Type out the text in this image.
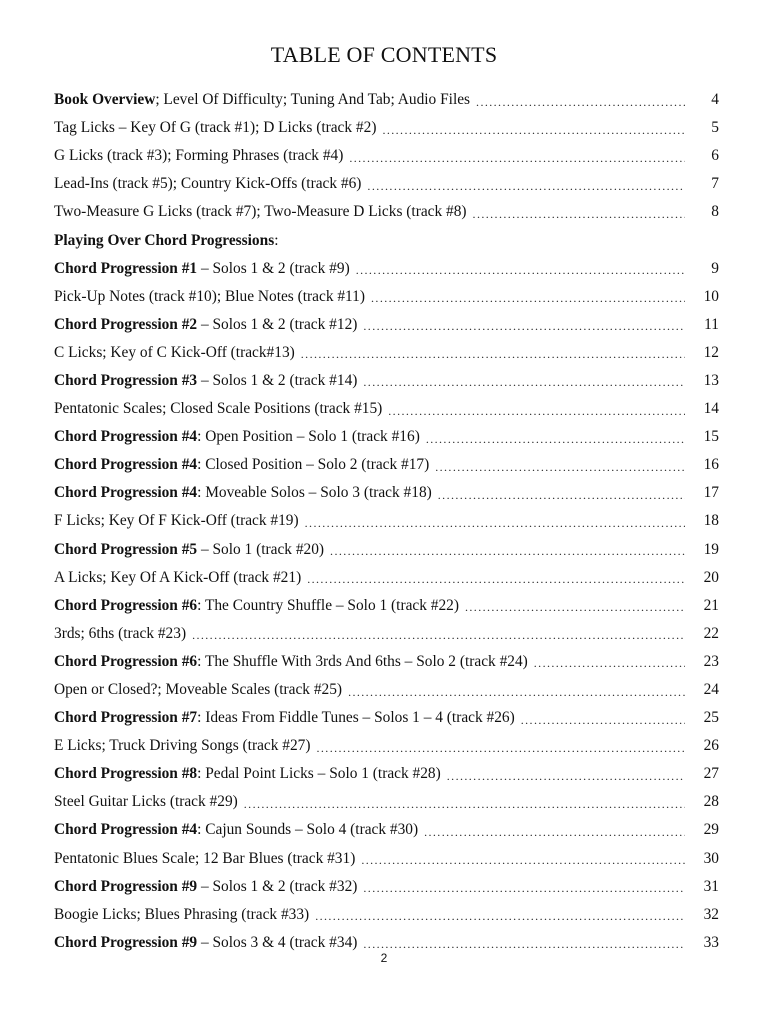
TABLE OF CONTENTS
Book Overview; Level Of Difficulty; Tuning And Tab; Audio Files .....	4
Tag Licks – Key Of G (track #1); D Licks (track #2) .....	5
G Licks (track #3); Forming Phrases (track #4) .....	6
Lead-Ins (track #5); Country Kick-Offs (track #6) .....	7
Two-Measure G Licks (track #7); Two-Measure D Licks (track #8) .....	8
Playing Over Chord Progressions:
Chord Progression #1 – Solos 1 & 2 (track #9) .....	9
Pick-Up Notes (track #10); Blue Notes (track #11) .....	10
Chord Progression #2 – Solos 1 & 2 (track #12) .....	11
C Licks; Key of C Kick-Off (track#13) .....	12
Chord Progression #3 – Solos 1 & 2 (track #14) .....	13
Pentatonic Scales; Closed Scale Positions (track #15) .....	14
Chord Progression #4: Open Position – Solo 1 (track #16) .....	15
Chord Progression #4: Closed Position – Solo 2 (track #17) .....	16
Chord Progression #4: Moveable Solos – Solo 3 (track #18) .....	17
F Licks; Key Of F Kick-Off (track #19) .....	18
Chord Progression #5 – Solo 1 (track #20) .....	19
A Licks; Key Of A Kick-Off (track #21) .....	20
Chord Progression #6: The Country Shuffle – Solo 1 (track #22) .....	21
3rds; 6ths (track #23) .....	22
Chord Progression #6: The Shuffle With 3rds And 6ths – Solo 2 (track #24) .....	23
Open or Closed?; Moveable Scales (track #25) .....	24
Chord Progression #7: Ideas From Fiddle Tunes – Solos 1 – 4 (track #26) .....	25
E Licks; Truck Driving Songs (track #27) .....	26
Chord Progression #8: Pedal Point Licks – Solo 1 (track #28) .....	27
Steel Guitar Licks (track #29) .....	28
Chord Progression #4: Cajun Sounds – Solo 4 (track #30) .....	29
Pentatonic Blues Scale; 12 Bar Blues (track #31) .....	30
Chord Progression #9 – Solos 1 & 2 (track #32) .....	31
Boogie Licks; Blues Phrasing (track #33) .....	32
Chord Progression #9 – Solos 3 & 4 (track #34) .....	33
2
